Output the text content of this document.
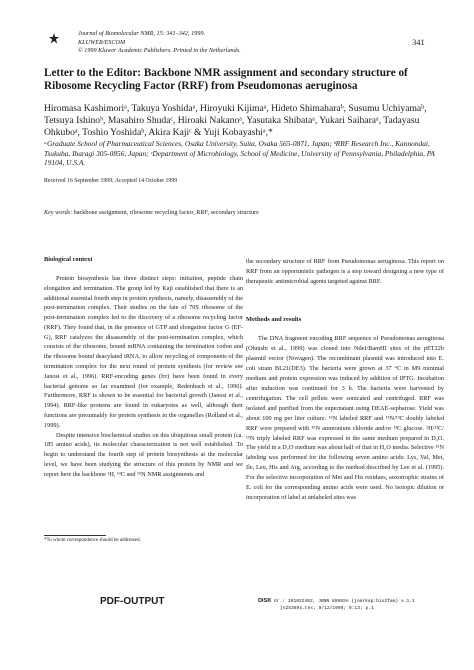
Journal of Biomolecular NMR, 15: 341–342, 1999.
KLUWER/ESCOM
© 1999 Kluwer Academic Publishers. Printed in the Netherlands.
341
Letter to the Editor: Backbone NMR assignment and secondary structure of Ribosome Recycling Factor (RRF) from Pseudomonas aeruginosa
Hiromasa Kashimoriᵃ, Takuya Yoshidaᵃ, Hiroyuki Kijimaᵃ, Hideto Shimaharaᵇ, Susumu Uchiyamaᵇ, Tetsuya Ishinoᵇ, Masahiro Shudaᶜ, Hiroaki Nakanoᵃ, Yasutaka Shibataᵃ, Yukari Saiharaᵃ, Tadayasu Ohkuboᵃ, Toshio Yoshidaᵇ, Akira Kajiᶜ & Yuji Kobayashiᵃ,*
ᵃGraduate School of Pharmaceutical Sciences, Osaka University, Suita, Osaka 565-0871, Japan; ᵇRRF Research Inc., Kannondai, Tsukuba, Ibaragi 305-0856, Japan; ᶜDepartment of Microbiology, School of Medicine, University of Pennsylvania, Philadelphia, PA 19104, U.S.A.
Received 16 September 1999; Accepted 14 October 1999
Key words: backbone assignment, ribosome recycling factor, RRF, secondary structure
Biological context

Protein biosynthesis has three distinct steps: initiation, peptide chain elongation and termination. The group led by Kaji established that there is an additional essential fourth step in protein synthesis, namely, disassembly of the post-termination complex. Their studies on the fate of 70S ribosome of the post-termination complex led to the discovery of a ribosome recycling factor (RRF). They found that, in the presence of GTP and elongation factor G (EF-G), RRF catalyzes the disassembly of the post-termination complex, which consists of the ribosome, bound mRNA containing the termination codon and the ribosome bound deacylated tRNA, to allow recycling of components of the termination complex for the next round of protein synthesis (for review see Janosi et al., 1996). RRF-encoding genes (frr) have been found in every bacterial genome so far examined (for example, Redenbach et al., 1996). Furthermore, RRF is shown to be essential for bacterial growth (Janosi et al., 1994). RRF-like proteins are found in eukaryotes as well, although their functions are presumably for protein synthesis in the organelles (Rolland et al., 1999).

Despite intensive biochemical studies on this ubiquitous small protein (ca. 185 amino acids), its molecular characterization is not well established. To begin to understand the fourth step of protein biosynthesis at the molecular level, we have been studying the structure of this protein by NMR and we report here the backbone ¹H, ¹³C and ¹⁵N NMR assignments and

the secondary structure of RRF from Pseudomonas aeruginosa. This report on RRF from an opportunistic pathogen is a step toward designing a new type of therapeutic antimicrobial agents targeted against RRF.

Methods and results

The DNA fragment encoding RRF sequence of Pseudomonas aeruginosa (Ohnishi et al., 1999) was cloned into NdeI/BamHI sites of the pET22b plasmid vector (Novagen). The recombinant plasmid was introduced into E. coli strain BL21(DE3). The bacteria were grown at 37 °C in M9 minimal medium and protein expression was induced by addition of IPTG. Incubation after induction was continued for 3 h. The bacteria were harvested by centrifugation. The cell pellets were sonicated and centrifuged. RRF was isolated and purified from the supernatant using DEAE-sepharose. Yield was about 100 mg per liter culture. ¹⁵N labeled RRF and ¹⁵N/¹³C doubly labeled RRF were prepared with ¹⁵N ammonium chloride and/or ¹³C glucose. ²H/¹³C/¹⁵N triply labeled RRF was expressed in the same medium prepared in D₂O. The yield in a D₂O medium was about half of that in H₂O media. Selective ¹⁵N labeling was performed for the following seven amino acids: Lys, Val, Met, Ile, Leu, His and Arg, according to the method described by Lee et al. (1995). For the selective incorporation of Met and His residues, auxotrophic strains of E. coli for the corresponding amino acids were used. No isotopic dilution or incorporation of label at unlabeled sites was

*To whom correspondence should be addressed.
PDF-OUTPUT	DISK Gr.: 201022402, JBNN 8995SA (jnmrkap:bio2fam) v.1.1
jn253694.tex; 9/12/1999; 9:13; p.1
